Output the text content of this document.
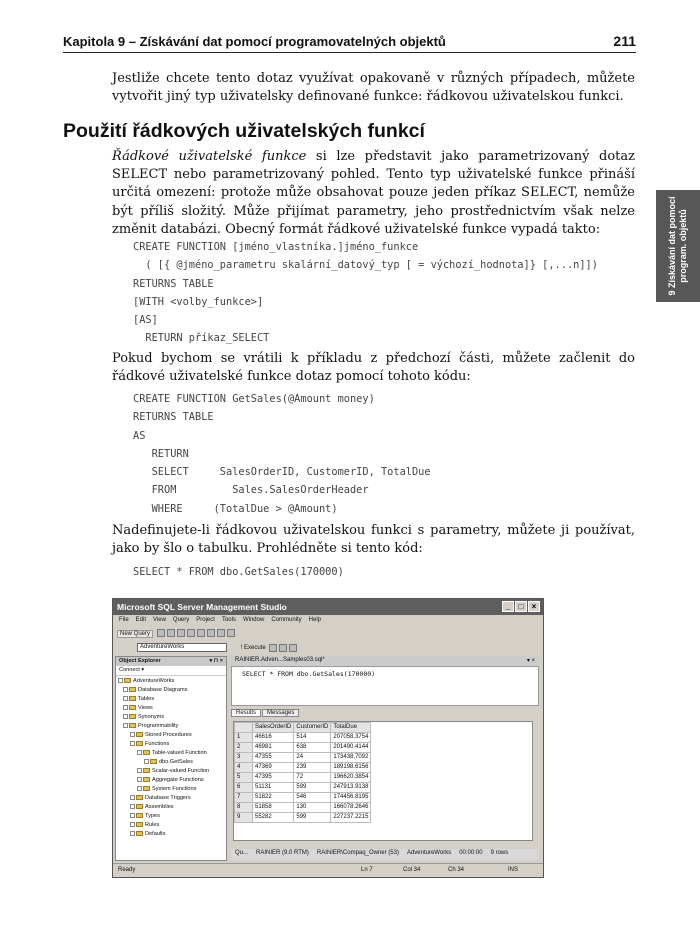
Kapitola 9 – Získávání dat pomocí programovatelných objektů	211
9 Získávání dat pomocí
program. objektů

Jestliže chcete tento dotaz využívat opakovaně v různých případech, můžete vytvořit jiný typ uživatelsky definované funkce: řádkovou uživatelskou funkci.

Použití řádkových uživatelských funkcí

Řádkové uživatelské funkce si lze představit jako parametrizovaný dotaz SELECT nebo parametrizovaný pohled. Tento typ uživatelské funkce přináší určitá omezení: protože může obsahovat pouze jeden příkaz SELECT, nemůže být příliš složitý. Může přijímat parametry, jeho prostřednictvím však nelze změnit databázi. Obecný formát řádkové uživatelské funkce vypadá takto:

CREATE FUNCTION [jméno_vlastníka.]jméno_funkce
( [{ @jméno_parametru skalární_datový_typ [ = výchozí_hodnota]} [,...n]])
RETURNS TABLE
[WITH <volby_funkce>]
[AS]
RETURN příkaz_SELECT

Pokud bychom se vrátili k příkladu z předchozí části, můžete začlenit do řádkové uživatelské funkce dotaz pomocí tohoto kódu:

CREATE FUNCTION GetSales(@Amount money)
RETURNS TABLE
AS
RETURN
SELECT     SalesOrderID, CustomerID, TotalDue
FROM         Sales.SalesOrderHeader
WHERE     (TotalDue > @Amount)

Nadefinujete-li řádkovou uživatelskou funkci s parametry, můžete ji používat, jako by šlo o tabulku. Prohlédněte si tento kód:

SELECT * FROM dbo.GetSales(170000)
Microsoft SQL Server Management Studio	_ □ ×
File Edit View Query Project Tools Window Community Help
New Query
AdventureWorks	! Execute
Object Explorer	▾ ⊓ ×
Connect ▾
AdventureWorks
Database Diagrams
Tables
Views
Synonyms
Programmability
Stored Procedures
Functions
Table-valued Function
dbo.GetSales
Scalar-valued Function
Aggregate Functions
System Functions
Database Triggers
Assemblies
Types
Rules
Defaults
RAINIER.Adven...Samples03.sql*	▾ ×
SELECT * FROM dbo.GetSales(170000)
Results Messages
	SalesOrderID	CustomerID	TotalDue
1	46616	514	207058.3754
2	46981	638	201490.4144
3	47355	24	173438.7092
4	47369	239	189198.6156
5	47395	72	196620.3854
6	51131	599	247913.9138
7	51822	546	174456.8195
8	51858	130	166078.2646
9	55282	599	227237.2215
Qu... RAINIER (9.0 RTM) RAINIER\Compaq_Owner (53) AdventureWorks 00:00:00 9 rows
Ready	Ln 7	Col 34	Ch 34	INS
